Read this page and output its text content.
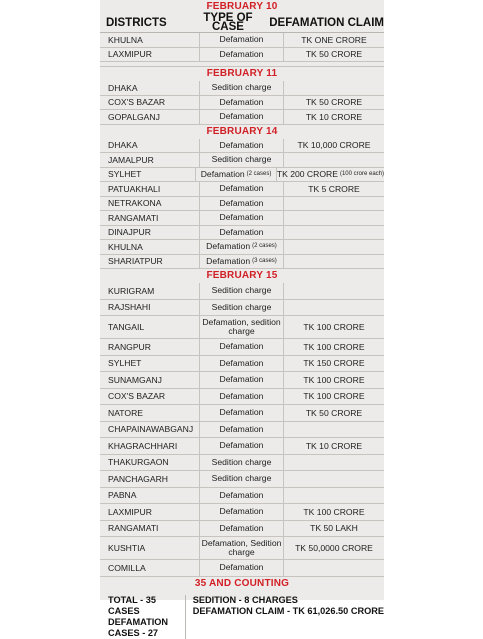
FEBRUARY 10
DISTRICTS	TYPE OF CASE	DEFAMATION CLAIM
KHULNA	Defamation	TK ONE CRORE
LAXMIPUR	Defamation	TK 50 CRORE
FEBRUARY 11
DHAKA	Sedition charge
COX'S BAZAR	Defamation	TK 50 CRORE
GOPALGANJ	Defamation	TK 10 CRORE
FEBRUARY 14
DHAKA	Defamation	TK 10,000 CRORE
JAMALPUR	Sedition charge
SYLHET	Defamation (2 cases) TK 200 CRORE (100 crore each)
PATUAKHALI	Defamation	TK 5 CRORE
NETRAKONA	Defamation
RANGAMATI	Defamation
DINAJPUR	Defamation
KHULNA	Defamation (2 cases)
SHARIATPUR	Defamation (3 cases)
FEBRUARY 15
KURIGRAM	Sedition charge
RAJSHAHI	Sedition charge
TANGAIL	Defamation, sedition charge	TK 100 CRORE
RANGPUR	Defamation	TK 100 CRORE
SYLHET	Defamation	TK 150 CRORE
SUNAMGANJ	Defamation	TK 100 CRORE
COX'S BAZAR	Defamation	TK 100 CRORE
NATORE	Defamation	TK 50 CRORE
CHAPAINAWABGANJ	Defamation
KHAGRACHHARI	Defamation	TK 10 CRORE
THAKURGAON	Sedition charge
PANCHAGARH	Sedition charge
PABNA	Defamation
LAXMIPUR	Defamation	TK 100 CRORE
RANGAMATI	Defamation	TK 50 LAKH
KUSHTIA	Defamation, Sedition charge	TK 50,0000 CRORE
COMILLA	Defamation
35 AND COUNTING
TOTAL - 35 CASES
DEFAMATION CASES - 27
SEDITION - 8 CHARGES
DEFAMATION CLAIM - TK 61,026.50 CRORE
